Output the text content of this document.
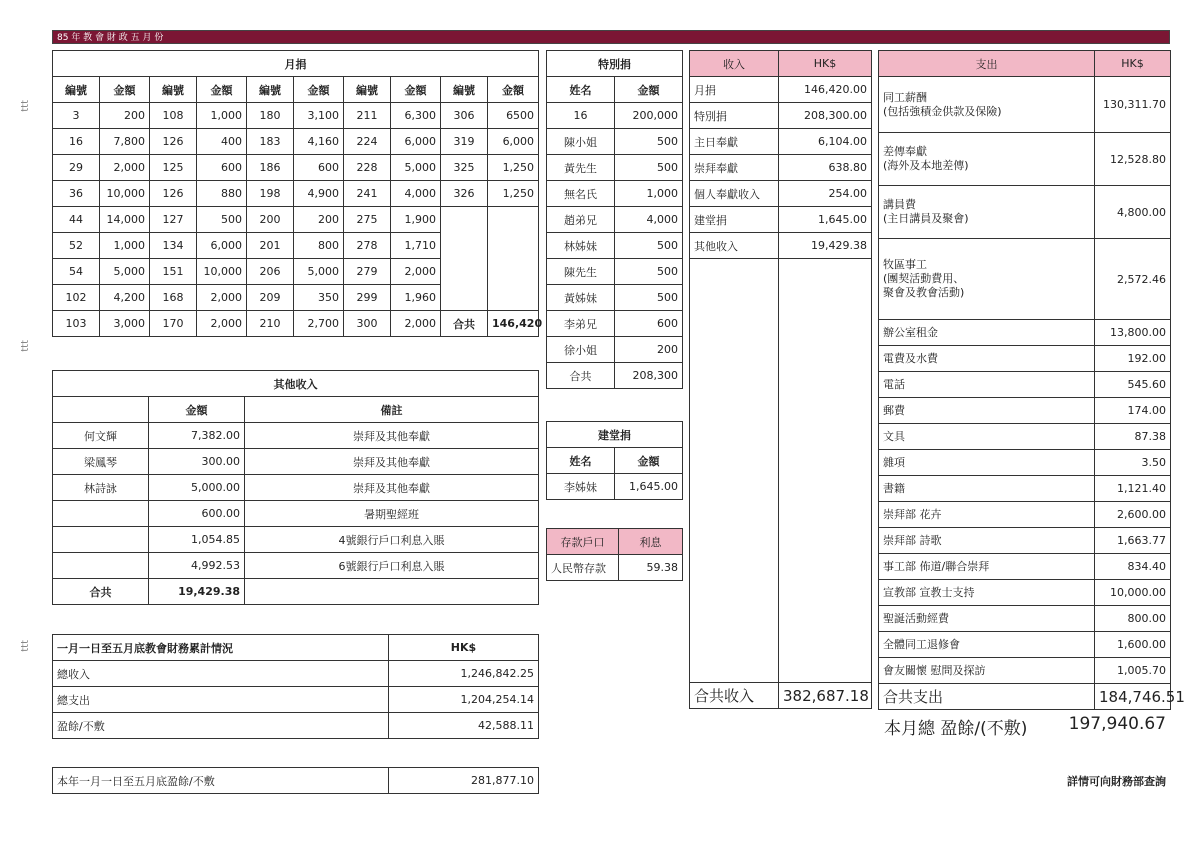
85 年 教 會 財 政 五 月 份
ttt
ttt
ttt
月捐									
編號	金額	編號	金額	編號	金額	編號	金額	編號	金額
3	200	108	1,000	180	3,100	211	6,300	306	6500
16	7,800	126	400	183	4,160	224	6,000	319	6,000
29	2,000	125	600	186	600	228	5,000	325	1,250
36	10,000	126	880	198	4,900	241	4,000	326	1,250
44	14,000	127	500	200	200	275	1,900		
52	1,000	134	6,000	201	800	278	1,710		
54	5,000	151	10,000	206	5,000	279	2,000		
102	4,200	168	2,000	209	350	299	1,960		
103	3,000	170	2,000	210	2,700	300	2,000	合共	146,420
特別捐	
姓名	金額
16	200,000
陳小姐	500
黃先生	500
無名氏	1,000
趙弟兄	4,000
林姊妹	500
陳先生	500
黃姊妹	500
李弟兄	600
徐小姐	200
合共	208,300
其他收入		
	金額	備註
何文輝	7,382.00	崇拜及其他奉獻
梁鳳琴	300.00	崇拜及其他奉獻
林詩詠	5,000.00	崇拜及其他奉獻
	600.00	暑期聖經班
	1,054.85	4號銀行戶口利息入賬
	4,992.53	6號銀行戶口利息入賬
合共	19,429.38	
一月一日至五月底教會財務累計情況	HK$
總收入	1,246,842.25
總支出	1,204,254.14
盈餘/不敷	42,588.11
本年一月一日至五月底盈餘/不敷	281,877.10
建堂捐	
姓名	金額
李姊妹	1,645.00
存款戶口	利息
人民幣存款	59.38
收入	HK$
月捐	146,420.00
特別捐	208,300.00
主日奉獻	6,104.00
崇拜奉獻	638.80
個人奉獻收入	254.00
建堂捐	1,645.00
其他收入	19,429.38

合共收入	382,687.18
支出	HK$
同工薪酬
(包括強積金供款及保險)	130,311.70
差傳奉獻
(海外及本地差傳)	12,528.80
講員費
(主日講員及聚會)	4,800.00
牧區事工
(團契活動費用、
聚會及教會活動)	2,572.46
辦公室租金	13,800.00
電費及水費	192.00
電話	545.60
郵費	174.00
文具	87.38
雜項	3.50
書籍	1,121.40
崇拜部 花卉	2,600.00
崇拜部 詩歌	1,663.77
事工部 佈道/聯合崇拜	834.40
宣教部 宣教士支持	10,000.00
聖誕活動經費	800.00
全體同工退修會	1,600.00
會友關懷 慰問及探訪	1,005.70
合共支出	184,746.51
本月總 盈餘/(不敷)	197,940.67
詳情可向財務部查詢
